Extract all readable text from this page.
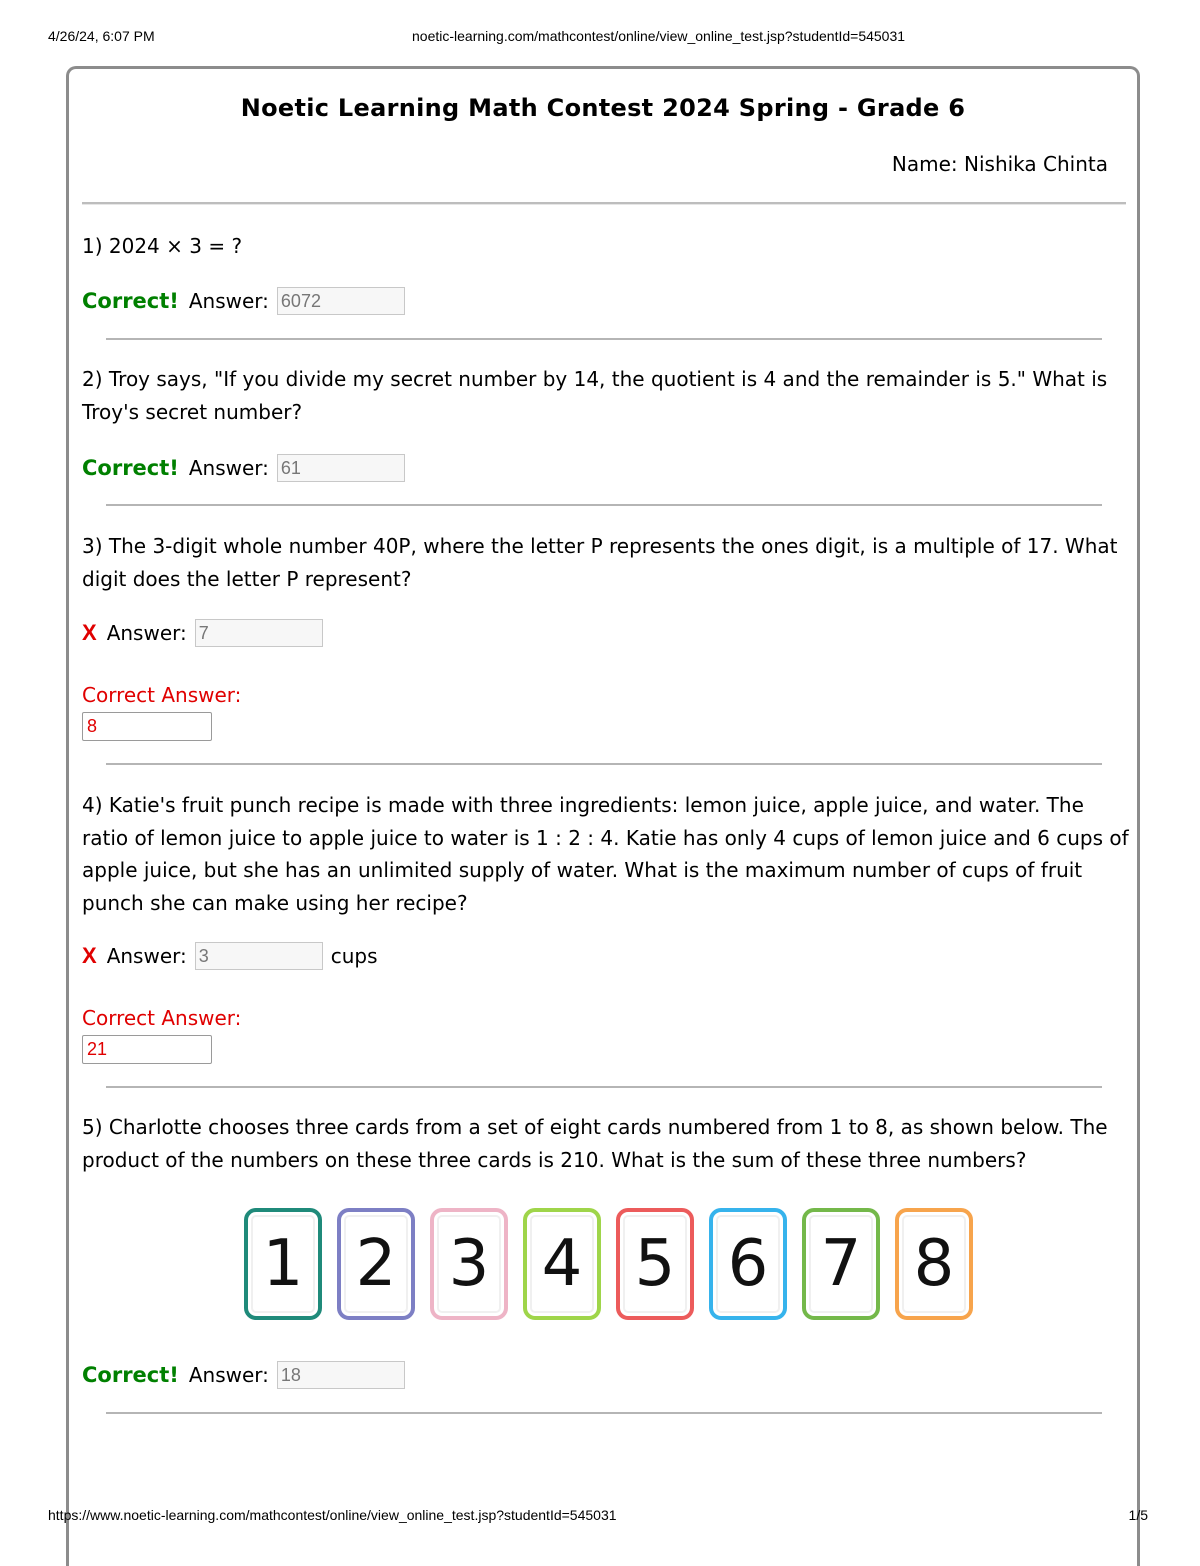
4/26/24, 6:07 PM	noetic-learning.com/mathcontest/online/view_online_test.jsp?studentId=545031
Noetic Learning Math Contest 2024 Spring - Grade 6
Name: Nishika Chinta
1) 2024 × 3 = ?
Correct! Answer: 6072
2) Troy says, "If you divide my secret number by 14, the quotient is 4 and the remainder is 5." What is Troy's secret number?
Correct! Answer: 61
3) The 3-digit whole number 40P, where the letter P represents the ones digit, is a multiple of 17. What digit does the letter P represent?
X Answer: 7
Correct Answer:
8
4) Katie's fruit punch recipe is made with three ingredients: lemon juice, apple juice, and water. The ratio of lemon juice to apple juice to water is 1 : 2 : 4. Katie has only 4 cups of lemon juice and 6 cups of apple juice, but she has an unlimited supply of water. What is the maximum number of cups of fruit punch she can make using her recipe?
X Answer: 3	cups
Correct Answer:
21
5) Charlotte chooses three cards from a set of eight cards numbered from 1 to 8, as shown below. The product of the numbers on these three cards is 210. What is the sum of these three numbers?
1 2 3 4 5 6 7 8
Correct! Answer: 18
https://www.noetic-learning.com/mathcontest/online/view_online_test.jsp?studentId=545031	1/5
